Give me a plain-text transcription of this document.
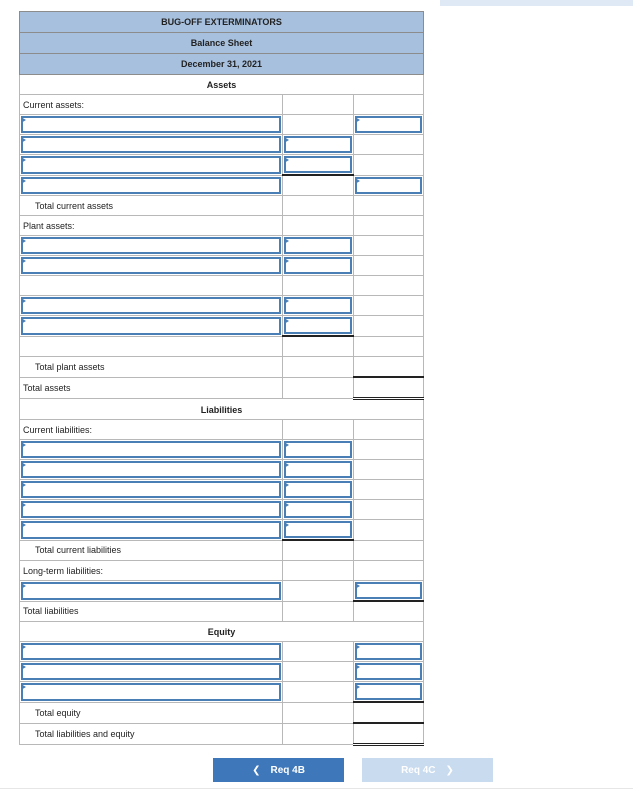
BUG-OFF EXTERMINATORS		
Balance Sheet		
December 31, 2021		
Assets		
Current assets:		

Total current assets		
Plant assets:		

Total plant assets		
Total assets		
Liabilities		
Current liabilities:		

Total current liabilities		
Long-term liabilities:		

Total liabilities		
Equity		

Total equity		
Total liabilities and equity		
❮ Req 4B	Req 4C ❯
